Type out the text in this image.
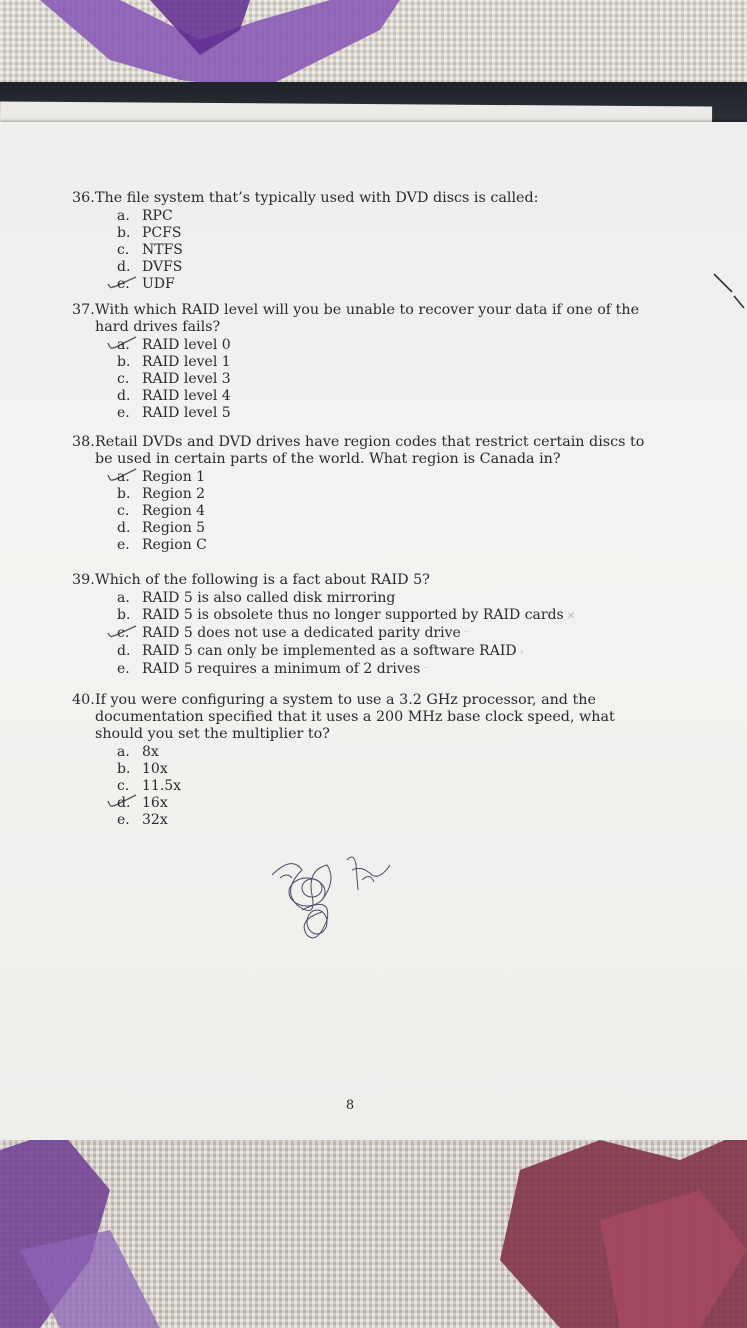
36.The file system that’s typically used with DVD discs is called:

a. RPC
b. PCFS
c. NTFS
d. DVFS
e. UDF

37.With which RAID level will you be unable to recover your data if one of the hard drives fails?

a. RAID level 0
b. RAID level 1
c. RAID level 3
d. RAID level 4
e. RAID level 5

38.Retail DVDs and DVD drives have region codes that restrict certain discs to be used in certain parts of the world. What region is Canada in?

a. Region 1
b. Region 2
c. Region 4
d. Region 5
e. Region C

39.Which of the following is a fact about RAID 5?

a. RAID 5 is also called disk mirroring
b. RAID 5 is obsolete thus no longer supported by RAID cards ✕
c. RAID 5 does not use a dedicated parity drive ⁻
d. RAID 5 can only be implemented as a software RAID ›
e. RAID 5 requires a minimum of 2 drives ⁻

40.If you were configuring a system to use a 3.2 GHz processor, and the documentation specified that it uses a 200 MHz base clock speed, what should you set the multiplier to?

a. 8x
b. 10x
c. 11.5x
d. 16x
e. 32x
8
